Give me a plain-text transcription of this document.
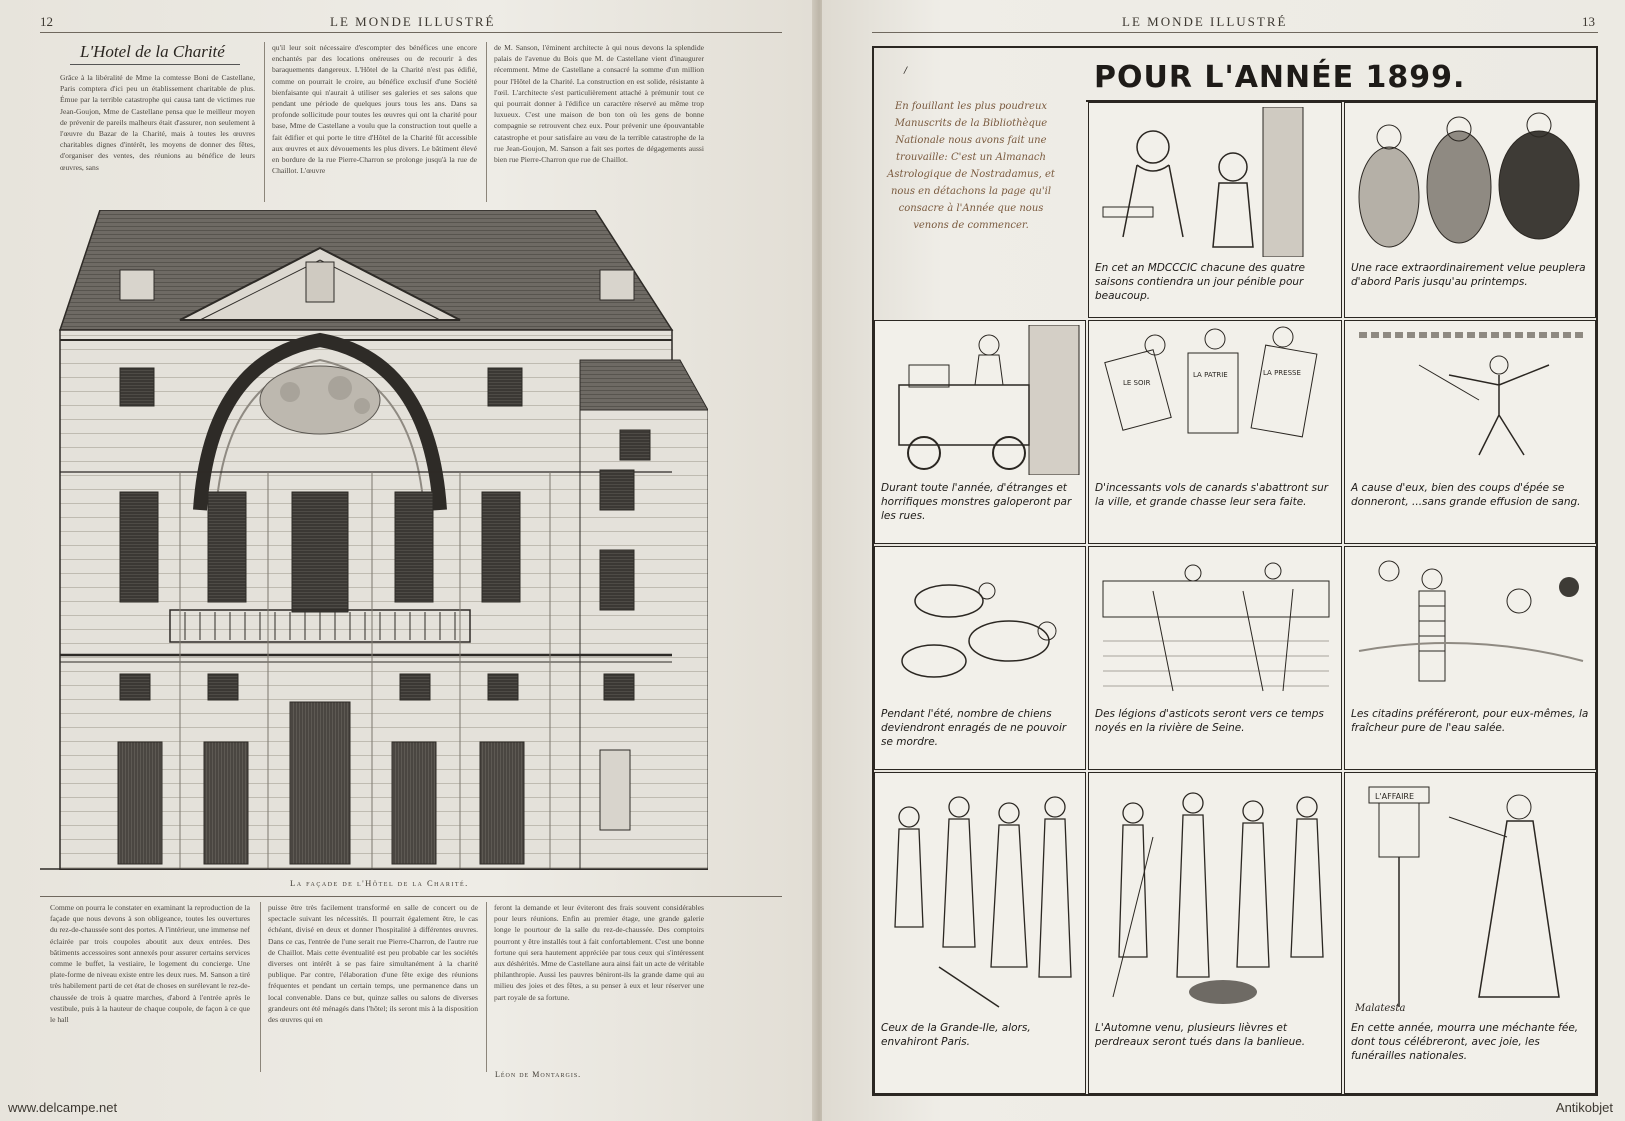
12	LE MONDE ILLUSTRÉ
L'Hotel de la Charité
Grâce à la libéralité de Mme la comtesse Boni de Castellane, Paris comptera d'ici peu un établissement charitable de plus. Émue par la terrible catastrophe qui causa tant de victimes rue Jean-Goujon, Mme de Castellane pensa que le meilleur moyen de prévenir de pareils malheurs était d'assurer, non seulement à l'œuvre du Bazar de la Charité, mais à toutes les œuvres charitables dignes d'intérêt, les moyens de donner des fêtes, d'organiser des ventes, des réunions au bénéfice de leurs œuvres, sans
qu'il leur soit nécessaire d'escompter des bénéfices une encore enchantés par des locations onéreuses ou de recourir à des baraquements dangereux. L'Hôtel de la Charité n'est pas édifié, comme on pourrait le croire, au bénéfice exclusif d'une Société bienfaisante qui n'aurait à utiliser ses galeries et ses salons que pendant une période de quelques jours tous les ans. Dans sa profonde sollicitude pour toutes les œuvres qui ont la charité pour base, Mme de Castellane a voulu que la construction tout quelle a fait édifier et qui porte le titre d'Hôtel de la Charité fût accessible aux œuvres et aux dévouements les plus divers. Le bâtiment élevé en bordure de la rue Pierre-Charron se prolonge jusqu'à la rue de Chaillot. L'œuvre
de M. Sanson, l'éminent architecte à qui nous devons la splendide palais de l'avenue du Bois que M. de Castellane vient d'inaugurer récemment. Mme de Castellane a consacré la somme d'un million pour l'Hôtel de la Charité. La construction en est solide, résistante à l'œil. L'architecte s'est particulièrement attaché à prémunir tout ce qui pourrait donner à l'édifice un caractère réservé au même trop luxueux. C'est une maison de bon ton où les gens de bonne compagnie se retrouvent chez eux. Pour prévenir une épouvantable catastrophe et pour satisfaire au vœu de la terrible catastrophe de la rue Jean-Goujon, M. Sanson a fait ses portes de dégagements aussi bien rue Pierre-Charron que rue de Chaillot.
La façade de l'Hôtel de la Charité.
Comme on pourra le constater en examinant la reproduction de la façade que nous devons à son obligeance, toutes les ouvertures du rez-de-chaussée sont des portes. A l'intérieur, une immense nef éclairée par trois coupoles aboutit aux deux entrées. Des bâtiments accessoires sont annexés pour assurer certains services comme le buffet, la vestiaire, le logement du concierge. Une plate-forme de niveau existe entre les deux rues. M. Sanson a tiré très habilement parti de cet état de choses en surélevant le rez-de-chaussée de trois à quatre marches, d'abord à l'entrée après le vestibule, puis à la hauteur de chaque coupole, de façon à ce que le hall
puisse être très facilement transformé en salle de concert ou de spectacle suivant les nécessités. Il pourrait également être, le cas échéant, divisé en deux et donner l'hospitalité à différentes œuvres. Dans ce cas, l'entrée de l'une serait rue Pierre-Charron, de l'autre rue de Chaillot. Mais cette éventualité est peu probable car les sociétés diverses ont intérêt à se pas faire simultanément à la charité publique. Par contre, l'élaboration d'une fête exige des réunions fréquentes et pendant un certain temps, une permanence dans un local convenable. Dans ce but, quinze salles ou salons de diverses grandeurs ont été ménagés dans l'hôtel; ils seront mis à la disposition des œuvres qui en
feront la demande et leur éviteront des frais souvent considérables pour leurs réunions. Enfin au premier étage, une grande galerie longe le pourtour de la salle du rez-de-chaussée. Des comptoirs pourront y être installés tout à fait confortablement. C'est une bonne fortune qui sera hautement appréciée par tous ceux qui s'intéressent aux déshérités. Mme de Castellane aura ainsi fait un acte de véritable philanthropie. Aussi les pauvres béniront-ils la grande dame qui au milieu des joies et des fêtes, a su penser à eux et leur réserver une part royale de sa fortune.
Léon de Montargis.
www.delcampe.net
LE MONDE ILLUSTRÉ	13
/
En fouillant les plus poudreux Manuscrits de la Bibliothèque Nationale nous avons fait une trouvaille: C'est un Almanach Astrologique de Nostradamus, et nous en détachons la page qu'il consacre à l'Année que nous venons de commencer.
POUR L'ANNÉE 1899.
En cet an MDCCCIC chacune des quatre saisons contiendra un jour pénible pour beaucoup.
Une race extraordinairement velue peuplera d'abord Paris jusqu'au printemps.
Durant toute l'année, d'étranges et horrifiques monstres galoperont par les rues.
LE SOIR
LA PATRIE	LA PRESSE
D'incessants vols de canards s'abattront sur la ville, et grande chasse leur sera faite.
A cause d'eux, bien des coups d'épée se donneront, ...sans grande effusion de sang.
Pendant l'été, nombre de chiens deviendront enragés de ne pouvoir se mordre.
Des légions d'asticots seront vers ce temps noyés en la rivière de Seine.
Les citadins préféreront, pour eux-mêmes, la fraîcheur pure de l'eau salée.
Ceux de la Grande-Ile, alors, envahiront Paris.
L'Automne venu, plusieurs lièvres et perdreaux seront tués dans la banlieue.
L'AFFAIRE
Malatesta
En cette année, mourra une méchante fée, dont tous célébreront, avec joie, les funérailles nationales.
Antikobjet
